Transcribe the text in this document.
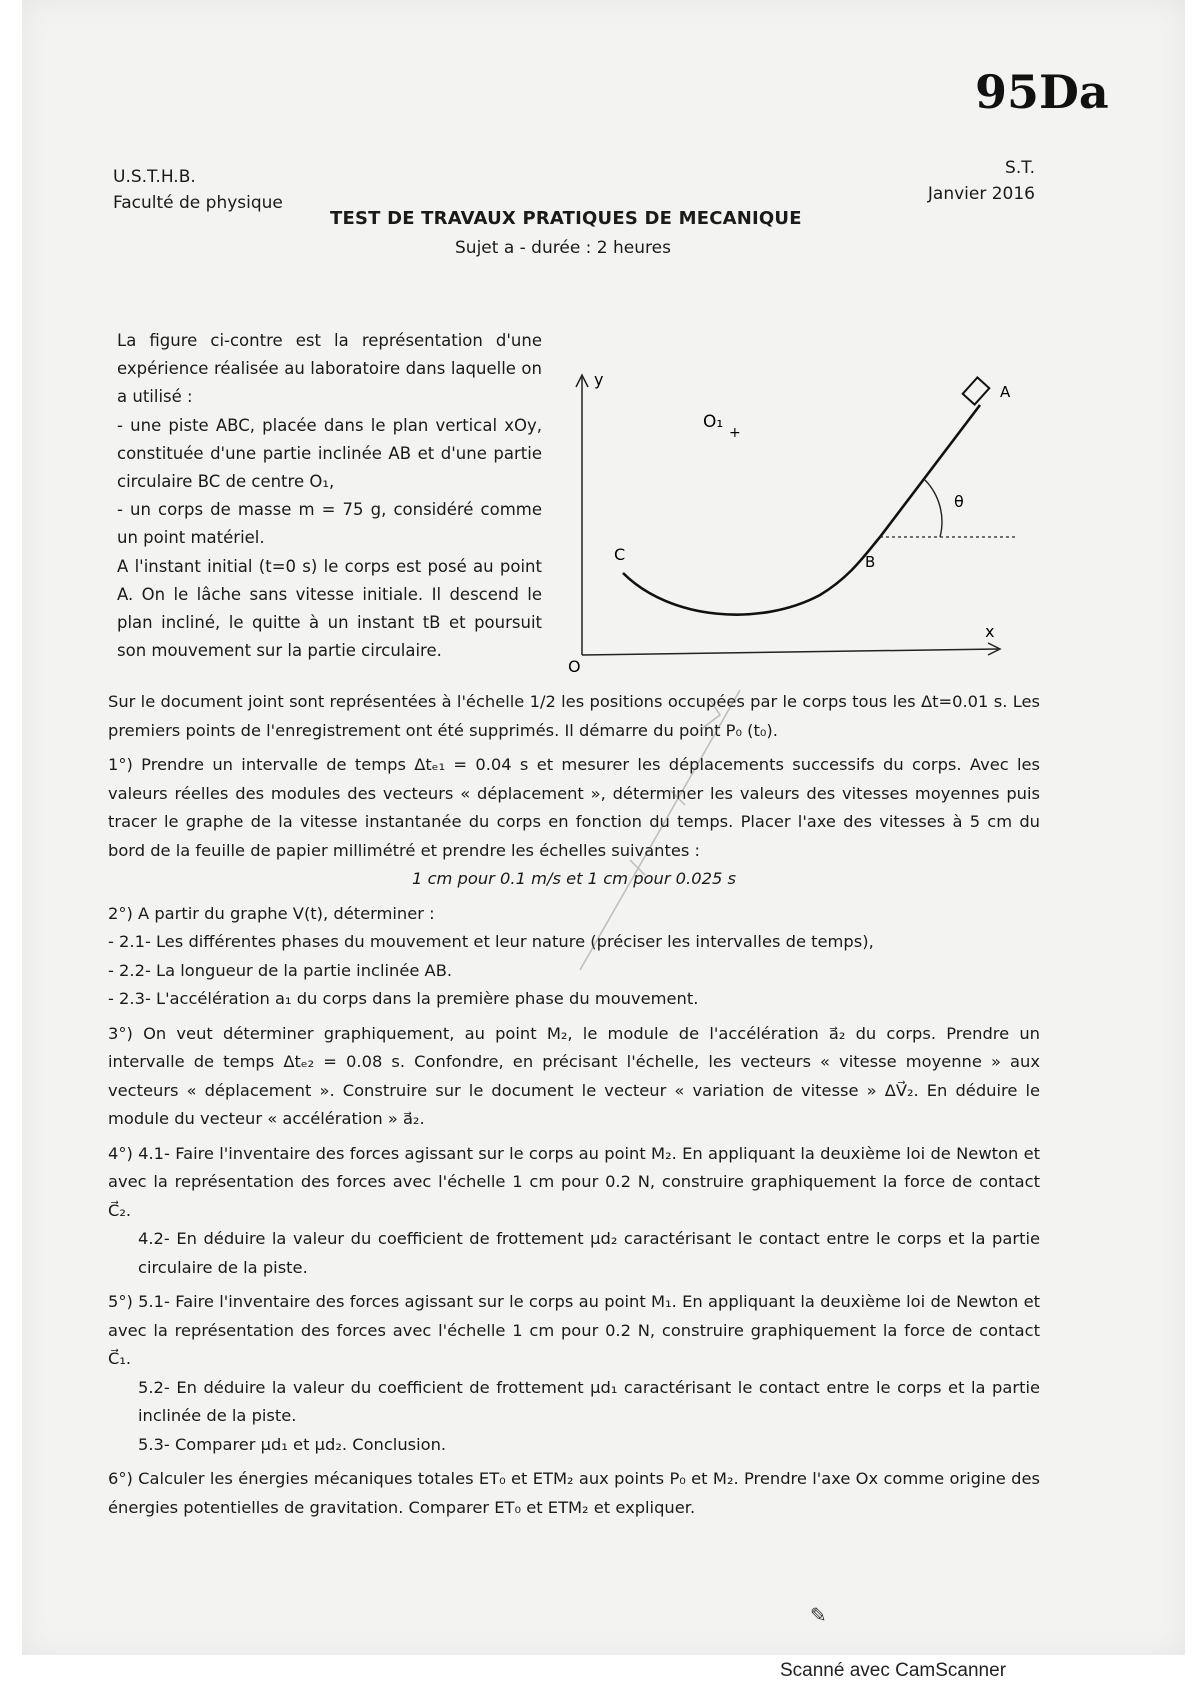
95Da
U.S.T.H.B.
Faculté de physique
S.T.
Janvier 2016
TEST DE TRAVAUX PRATIQUES DE MECANIQUE
Sujet a - durée : 2 heures

La figure ci-contre est la représentation d'une expérience réalisée au laboratoire dans laquelle on a utilisé :

- une piste ABC, placée dans le plan vertical xOy, constituée d'une partie inclinée AB et d'une partie circulaire BC de centre O₁,

- un corps de masse m = 75 g, considéré comme un point matériel.

A l'instant initial (t=0 s) le corps est posé au point A. On le lâche sans vitesse initiale. Il descend le plan incliné, le quitte à un instant tB et poursuit son mouvement sur la partie circulaire.

y
x
O
O₁
+
A
B
C
θ

Sur le document joint sont représentées à l'échelle 1/2 les positions occupées par le corps tous les Δt=0.01 s. Les premiers points de l'enregistrement ont été supprimés. Il démarre du point P₀ (t₀).

1°) Prendre un intervalle de temps Δtₑ₁ = 0.04 s et mesurer les déplacements successifs du corps. Avec les valeurs réelles des modules des vecteurs « déplacement », déterminer les valeurs des vitesses moyennes puis tracer le graphe de la vitesse instantanée du corps en fonction du temps. Placer l'axe des vitesses à 5 cm du bord de la feuille de papier millimétré et prendre les échelles suivantes :

1 cm pour 0.1 m/s et 1 cm pour 0.025 s

2°) A partir du graphe V(t), déterminer :

- 2.1- Les différentes phases du mouvement et leur nature (préciser les intervalles de temps),

- 2.2- La longueur de la partie inclinée AB.

- 2.3- L'accélération a₁ du corps dans la première phase du mouvement.

3°) On veut déterminer graphiquement, au point M₂, le module de l'accélération a⃗₂ du corps. Prendre un intervalle de temps Δtₑ₂ = 0.08 s. Confondre, en précisant l'échelle, les vecteurs « vitesse moyenne » aux vecteurs « déplacement ». Construire sur le document le vecteur « variation de vitesse » ΔV⃗₂. En déduire le module du vecteur « accélération » a⃗₂.

4°) 4.1- Faire l'inventaire des forces agissant sur le corps au point M₂. En appliquant la deuxième loi de Newton et avec la représentation des forces avec l'échelle 1 cm pour 0.2 N, construire graphiquement la force de contact C⃗₂.

4.2- En déduire la valeur du coefficient de frottement μd₂ caractérisant le contact entre le corps et la partie circulaire de la piste.

5°) 5.1- Faire l'inventaire des forces agissant sur le corps au point M₁. En appliquant la deuxième loi de Newton et avec la représentation des forces avec l'échelle 1 cm pour 0.2 N, construire graphiquement la force de contact C⃗₁.

5.2- En déduire la valeur du coefficient de frottement μd₁ caractérisant le contact entre le corps et la partie inclinée de la piste.

5.3- Comparer μd₁ et μd₂. Conclusion.

6°) Calculer les énergies mécaniques totales ET₀ et ETM₂ aux points P₀ et M₂. Prendre l'axe Ox comme origine des énergies potentielles de gravitation. Comparer ET₀ et ETM₂ et expliquer.

✎
Scanné avec CamScanner
